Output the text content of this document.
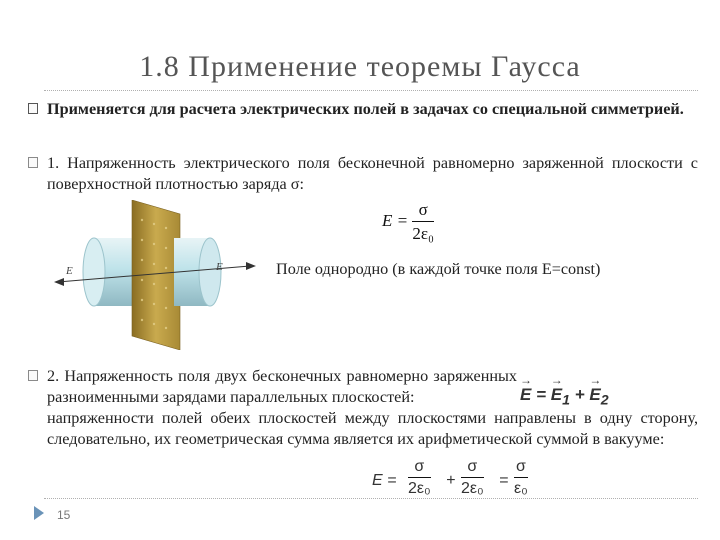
1.8 Применение теоремы Гаусса
Применяется для расчета электрических полей в задачах со специальной симметрией.
1. Напряженность электрического поля бесконечной равномерно заряженной плоскости с поверхностной плотностью заряда σ:
$E = \frac{\sigma}{\text{2ε₀}}$
E	E	Поле однородно (в каждой точке поля E=const)
2. Напряженность поля двух бесконечных равномерно заряженных разноименными зарядами параллельных плоскостей:
напряженности полей обеих плоскостей между плоскостями направлены в одну сторону, следовательно, их геометрическая сумма является их арифметической суммой в вакууме:
→ E = → $E_1$ + → $E_2$
$E = \frac{\sigma}{\text{2ε₀}} + \frac{\sigma}{\text{2ε₀}} = \frac{\sigma}{\text{ε₀}}$
15
